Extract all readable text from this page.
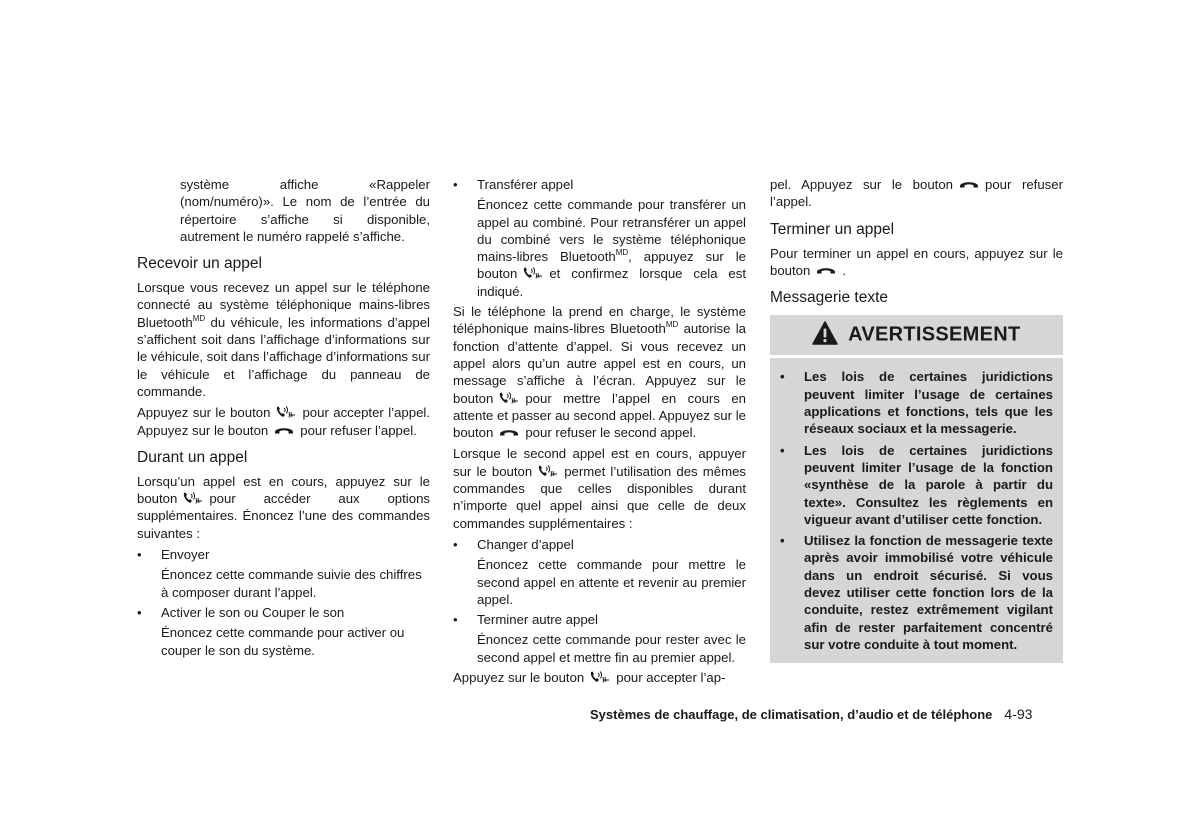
système affiche «Rappeler (nom/numéro)». Le nom de l’entrée du répertoire s’affiche si disponible, autrement le numéro rappelé s’affiche.

Recevoir un appel

Lorsque vous recevez un appel sur le téléphone connecté au système téléphonique mains-libres Bluetooth$^{MD}$ du véhicule, les informations d’appel s’affichent soit dans l’affichage d’informations sur le véhicule, soit dans l’affichage d’informations sur le véhicule et l’affichage du panneau de commande.

Appuyez sur le bouton	≀ pour accepter l’appel. Appuyez sur le bouton pour refuser l’appel.

Durant un appel

Lorsqu’un appel est en cours, appuyez sur le bouton	≀ pour accéder aux options supplémentaires. Énoncez l’une des commandes suivantes :

• Envoyer
Énoncez cette commande suivie des chiffres à composer durant l’appel.
• Activer le son ou Couper le son
Énoncez cette commande pour activer ou couper le son du système.
• Transférer appel
Énoncez cette commande pour transférer un appel au combiné. Pour retransférer un appel du combiné vers le système téléphonique mains-libres Bluetooth$^{MD}$, appuyez sur le bouton	≀ et confirmez lorsque cela est indiqué.

Si le téléphone la prend en charge, le système téléphonique mains-libres Bluetooth$^{MD}$ autorise la fonction d’attente d’appel. Si vous recevez un appel alors qu’un autre appel est en cours, un message s’affiche à l’écran. Appuyez sur le bouton	≀ pour mettre l’appel en cours en attente et passer au second appel. Appuyez sur le bouton pour refuser le second appel.

Lorsque le second appel est en cours, appuyer sur le bouton	≀ permet l’utilisation des mêmes commandes que celles disponibles durant n’importe quel appel ainsi que celle de deux commandes supplémentaires :

• Changer d’appel
Énoncez cette commande pour mettre le second appel en attente et revenir au premier appel.
• Terminer autre appel
Énoncez cette commande pour rester avec le second appel et mettre fin au premier appel.

Appuyez sur le bouton	≀ pour accepter l’ap-

pel. Appuyez sur le bouton pour refuser l’appel.

Terminer un appel

Pour terminer un appel en cours, appuyez sur le bouton .

Messagerie texte
AVERTISSEMENT
• Les lois de certaines juridictions peuvent limiter l’usage de certaines applications et fonctions, tels que les réseaux sociaux et la messagerie.
• Les lois de certaines juridictions peuvent limiter l’usage de la fonction «synthèse de la parole à partir du texte». Consultez les règlements en vigueur avant d’utiliser cette fonction.
• Utilisez la fonction de messagerie texte après avoir immobilisé votre véhicule dans un endroit sécurisé. Si vous devez utiliser cette fonction lors de la conduite, restez extrêmement vigilant afin de rester parfaitement concentré sur votre conduite à tout moment.
Systèmes de chauffage, de climatisation, d’audio et de téléphone 4-93
